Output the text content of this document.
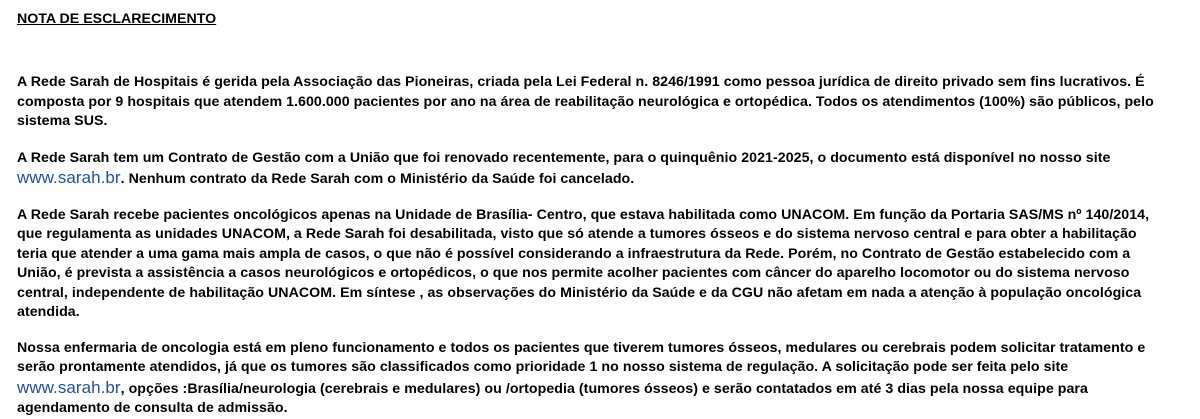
NOTA DE ESCLARECIMENTO
A Rede Sarah de Hospitais é gerida pela Associação das Pioneiras, criada pela Lei Federal n. 8246/1991 como pessoa jurídica de direito privado sem fins lucrativos. É
composta por 9 hospitais que atendem 1.600.000 pacientes por ano na área de reabilitação neurológica e ortopédica. Todos os atendimentos (100%) são públicos, pelo
sistema SUS.
A Rede Sarah tem um Contrato de Gestão com a União que foi renovado recentemente, para o quinquênio 2021-2025, o documento está disponível no nosso site
www.sarah.br. Nenhum contrato da Rede Sarah com o Ministério da Saúde foi cancelado.
A Rede Sarah recebe pacientes oncológicos apenas na Unidade de Brasília- Centro, que estava habilitada como UNACOM. Em função da Portaria SAS/MS nº 140/2014,
que regulamenta as unidades UNACOM, a Rede Sarah foi desabilitada, visto que só atende a tumores ósseos e do sistema nervoso central e para obter a habilitação
teria que atender a uma gama mais ampla de casos, o que não é possível considerando a infraestrutura da Rede. Porém, no Contrato de Gestão estabelecido com a
União, é prevista a assistência a casos neurológicos e ortopédicos, o que nos permite acolher pacientes com câncer do aparelho locomotor ou do sistema nervoso
central, independente de habilitação UNACOM. Em síntese , as observações do Ministério da Saúde e da CGU não afetam em nada a atenção à população oncológica
atendida.
Nossa enfermaria de oncologia está em pleno funcionamento e todos os pacientes que tiverem tumores ósseos, medulares ou cerebrais podem solicitar tratamento e
serão prontamente atendidos, já que os tumores são classificados como prioridade 1 no nosso sistema de regulação. A solicitação pode ser feita pelo site
www.sarah.br, opções :Brasília/neurologia (cerebrais e medulares) ou /ortopedia (tumores ósseos) e serão contatados em até 3 dias pela nossa equipe para
agendamento de consulta de admissão.
